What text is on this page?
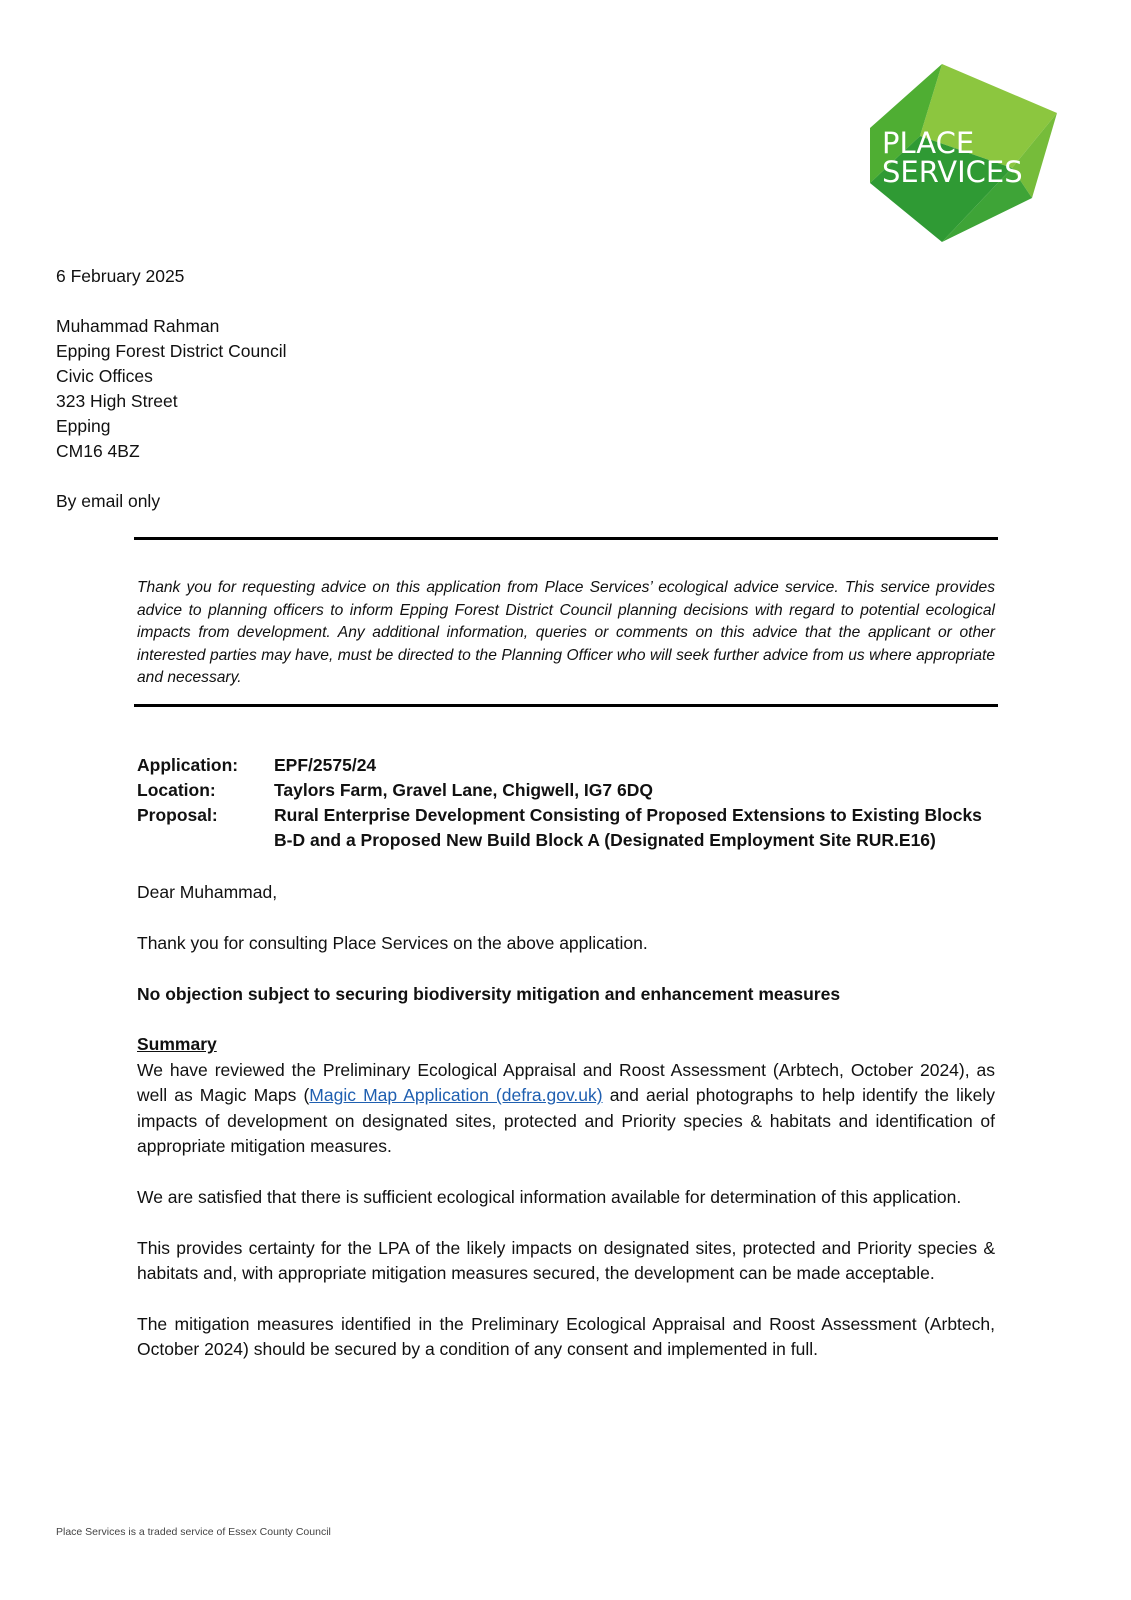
PLACE
SERVICES
6 February 2025
Muhammad Rahman
Epping Forest District Council
Civic Offices
323 High Street
Epping
CM16 4BZ
By email only
Thank you for requesting advice on this application from Place Services’ ecological advice service. This service provides advice to planning officers to inform Epping Forest District Council planning decisions with regard to potential ecological impacts from development. Any additional information, queries or comments on this advice that the applicant or other interested parties may have, must be directed to the Planning Officer who will seek further advice from us where appropriate and necessary.
Application:	EPF/2575/24
Location:	Taylors Farm, Gravel Lane, Chigwell, IG7 6DQ
Proposal:	Rural Enterprise Development Consisting of Proposed Extensions to Existing Blocks B-D and a Proposed New Build Block A (Designated Employment Site RUR.E16)

Dear Muhammad,

Thank you for consulting Place Services on the above application.

No objection subject to securing biodiversity mitigation and enhancement measures

Summary

We have reviewed the Preliminary Ecological Appraisal and Roost Assessment (Arbtech, October 2024), as well as Magic Maps (Magic Map Application (defra.gov.uk) and aerial photographs to help identify the likely impacts of development on designated sites, protected and Priority species & habitats and identification of appropriate mitigation measures.

We are satisfied that there is sufficient ecological information available for determination of this application.

This provides certainty for the LPA of the likely impacts on designated sites, protected and Priority species & habitats and, with appropriate mitigation measures secured, the development can be made acceptable.

The mitigation measures identified in the Preliminary Ecological Appraisal and Roost Assessment (Arbtech, October 2024) should be secured by a condition of any consent and implemented in full.

Place Services is a traded service of Essex County Council
